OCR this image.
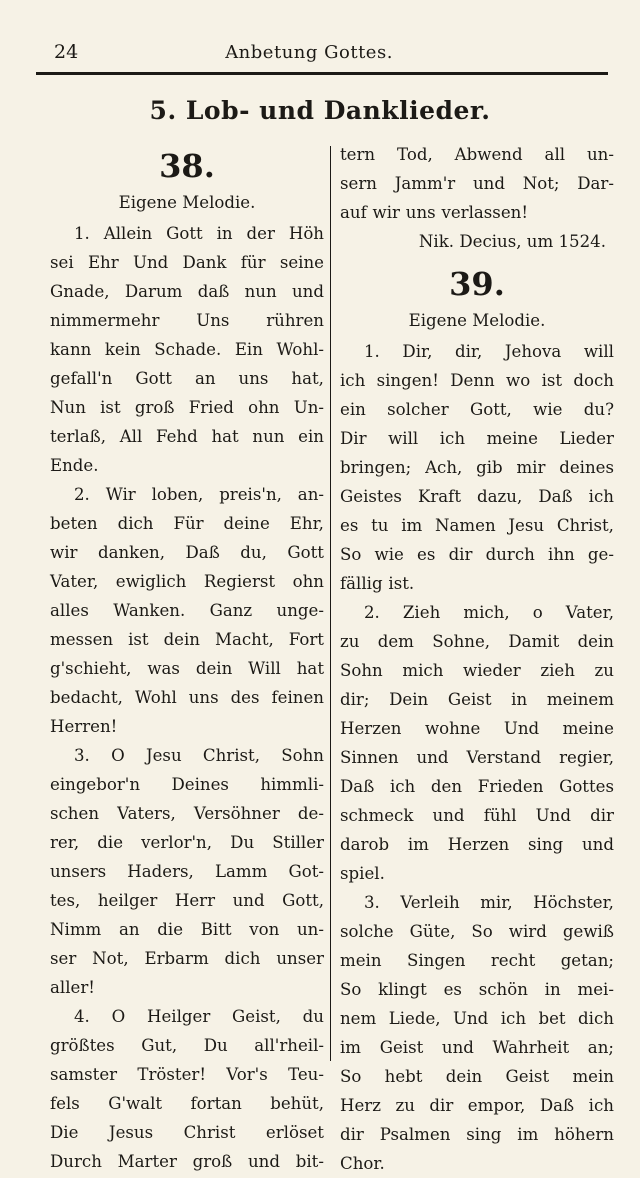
24	Anbetung Gottes.
5. Lob- und Danklieder.
38.
Eigene Melodie.
1. Allein Gott in der Höh
sei Ehr Und Dank für seine
Gnade, Darum daß nun und
nimmermehr Uns rühren
kann kein Schade. Ein Wohl-
gefall'n Gott an uns hat,
Nun ist groß Fried ohn Un-
terlaß, All Fehd hat nun ein
Ende.
2. Wir loben, preis'n, an-
beten dich Für deine Ehr,
wir danken, Daß du, Gott
Vater, ewiglich Regierst ohn
alles Wanken. Ganz unge-
messen ist dein Macht, Fort
g'schieht, was dein Will hat
bedacht, Wohl uns des feinen
Herren!
3. O Jesu Christ, Sohn
eingebor'n Deines himmli-
schen Vaters, Versöhner de-
rer, die verlor'n, Du Stiller
unsers Haders, Lamm Got-
tes, heilger Herr und Gott,
Nimm an die Bitt von un-
ser Not, Erbarm dich unser
aller!
4. O Heilger Geist, du
größtes Gut, Du all'rheil-
samster Tröster! Vor's Teu-
fels G'walt fortan behüt,
Die Jesus Christ erlöset
Durch Marter groß und bit-
tern Tod, Abwend all un-
sern Jamm'r und Not; Dar-
auf wir uns verlassen!
Nik. Decius, um 1524.
39.
Eigene Melodie.
1. Dir, dir, Jehova will
ich singen! Denn wo ist doch
ein solcher Gott, wie du?
Dir will ich meine Lieder
bringen; Ach, gib mir deines
Geistes Kraft dazu, Daß ich
es tu im Namen Jesu Christ,
So wie es dir durch ihn ge-
fällig ist.
2. Zieh mich, o Vater,
zu dem Sohne, Damit dein
Sohn mich wieder zieh zu
dir; Dein Geist in meinem
Herzen wohne Und meine
Sinnen und Verstand regier,
Daß ich den Frieden Gottes
schmeck und fühl Und dir
darob im Herzen sing und
spiel.
3. Verleih mir, Höchster,
solche Güte, So wird gewiß
mein Singen recht getan;
So klingt es schön in mei-
nem Liede, Und ich bet dich
im Geist und Wahrheit an;
So hebt dein Geist mein
Herz zu dir empor, Daß ich
dir Psalmen sing im höhern
Chor.
